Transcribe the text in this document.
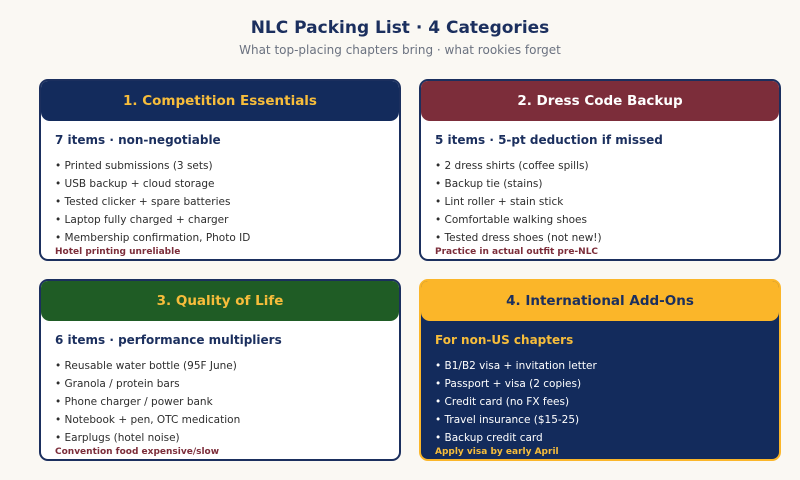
NLC Packing List · 4 Categories
What top-placing chapters bring · what rookies forget
1. Competition Essentials
7 items · non-negotiable
• Printed submissions (3 sets)
• USB backup + cloud storage
• Tested clicker + spare batteries
• Laptop fully charged + charger
• Membership confirmation, Photo ID
Hotel printing unreliable
2. Dress Code Backup
5 items · 5-pt deduction if missed
• 2 dress shirts (coffee spills)
• Backup tie (stains)
• Lint roller + stain stick
• Comfortable walking shoes
• Tested dress shoes (not new!)
Practice in actual outfit pre-NLC
3. Quality of Life
6 items · performance multipliers
• Reusable water bottle (95F June)
• Granola / protein bars
• Phone charger / power bank
• Notebook + pen, OTC medication
• Earplugs (hotel noise)
Convention food expensive/slow
4. International Add-Ons
For non-US chapters
• B1/B2 visa + invitation letter
• Passport + visa (2 copies)
• Credit card (no FX fees)
• Travel insurance ($15-25)
• Backup credit card
Apply visa by early April
